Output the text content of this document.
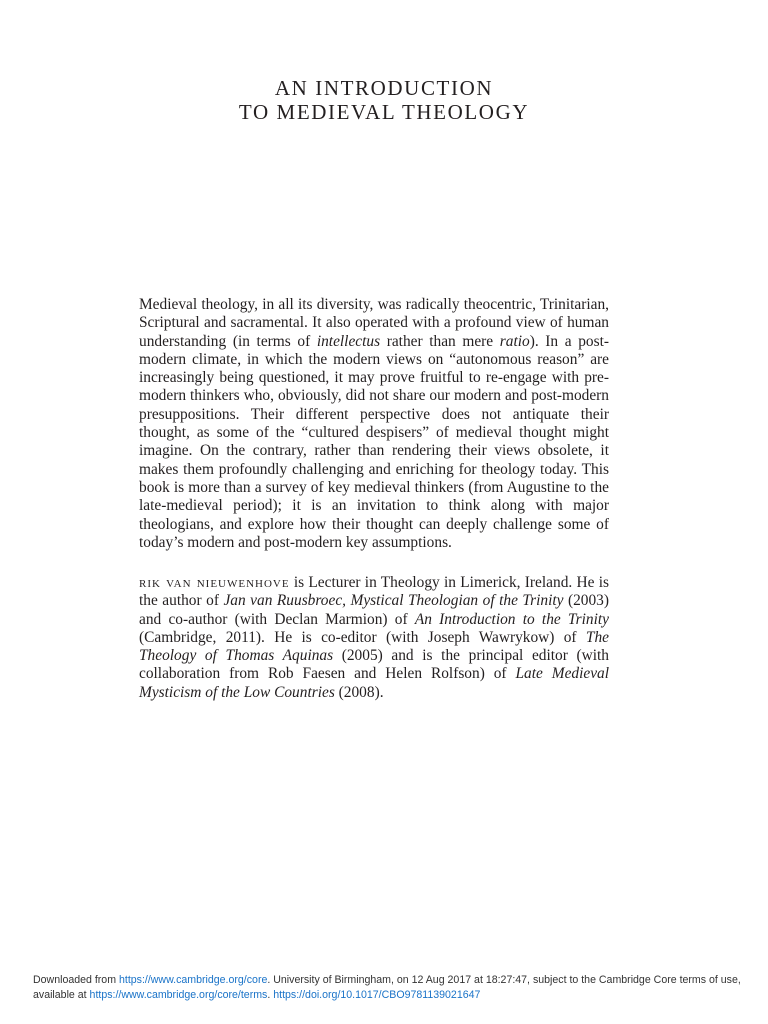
AN INTRODUCTION
TO MEDIEVAL THEOLOGY

Medieval theology, in all its diversity, was radically theocentric, Trinitarian, Scriptural and sacramental. It also operated with a profound view of human understanding (in terms of intellectus rather than mere ratio). In a post-modern climate, in which the modern views on “autonomous reason” are increasingly being questioned, it may prove fruitful to re-engage with pre-modern thinkers who, obviously, did not share our modern and post-modern presuppositions. Their different perspective does not antiquate their thought, as some of the “cultured despisers” of medieval thought might imagine. On the contrary, rather than rendering their views obsolete, it makes them profoundly challenging and enriching for theology today. This book is more than a survey of key medieval thinkers (from Augustine to the late-medieval period); it is an invitation to think along with major theologians, and explore how their thought can deeply challenge some of today’s modern and post-modern key assumptions.

rik van nieuwenhove is Lecturer in Theology in Limerick, Ireland. He is the author of Jan van Ruusbroec, Mystical Theologian of the Trinity (2003) and co-author (with Declan Marmion) of An Introduction to the Trinity (Cambridge, 2011). He is co-editor (with Joseph Wawrykow) of The Theology of Thomas Aquinas (2005) and is the principal editor (with collaboration from Rob Faesen and Helen Rolfson) of Late Medieval Mysticism of the Low Countries (2008).

Downloaded from https://www.cambridge.org/core. University of Birmingham, on 12 Aug 2017 at 18:27:47, subject to the Cambridge Core terms of use, available at https://www.cambridge.org/core/terms. https://doi.org/10.1017/CBO9781139021647
